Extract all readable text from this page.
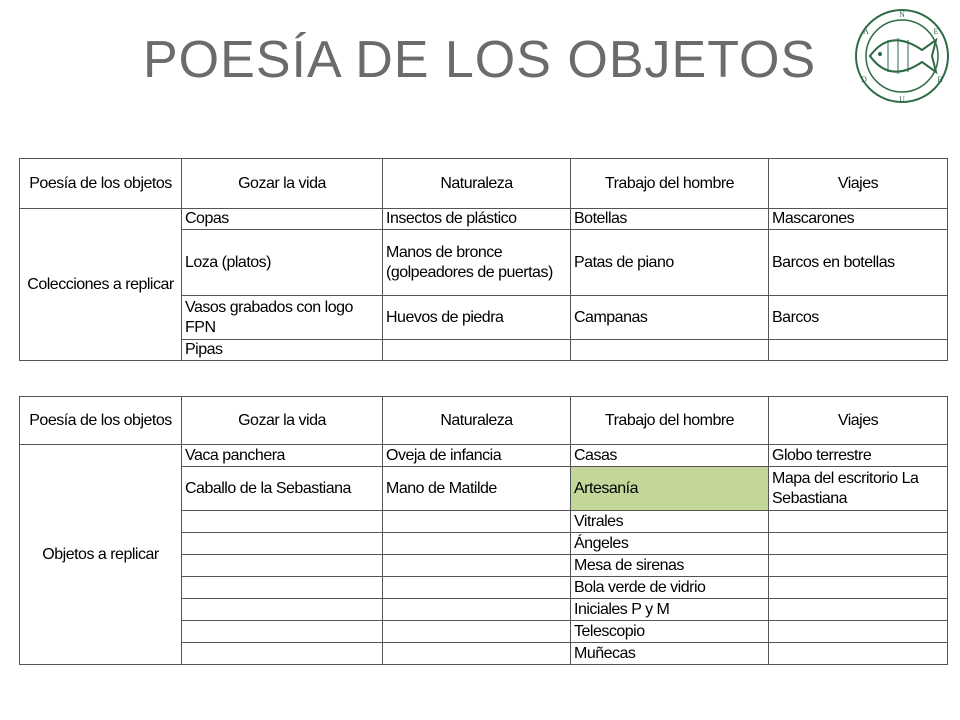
POESÍA DE LOS OBJETOS
N
E
R
U
D
A
Poesía de los objetos	Gozar la vida	Naturaleza	Trabajo del hombre	Viajes
Colecciones a replicar	Copas	Insectos de plástico	Botellas	Mascarones
	Loza (platos)	Manos de bronce (golpeadores de puertas)	Patas de piano	Barcos en botellas
	Vasos grabados con logo FPN	Huevos de piedra	Campanas	Barcos
	Pipas			
Poesía de los objetos	Gozar la vida	Naturaleza	Trabajo del hombre	Viajes
Objetos a replicar	Vaca panchera	Oveja de infancia	Casas	Globo terrestre
	Caballo de la Sebastiana	Mano de Matilde	Artesanía	Mapa del escritorio La Sebastiana
			Vitrales	
			Ángeles	
			Mesa de sirenas	
			Bola verde de vidrio	
			Iniciales P y M	
			Telescopio	
			Muñecas	
